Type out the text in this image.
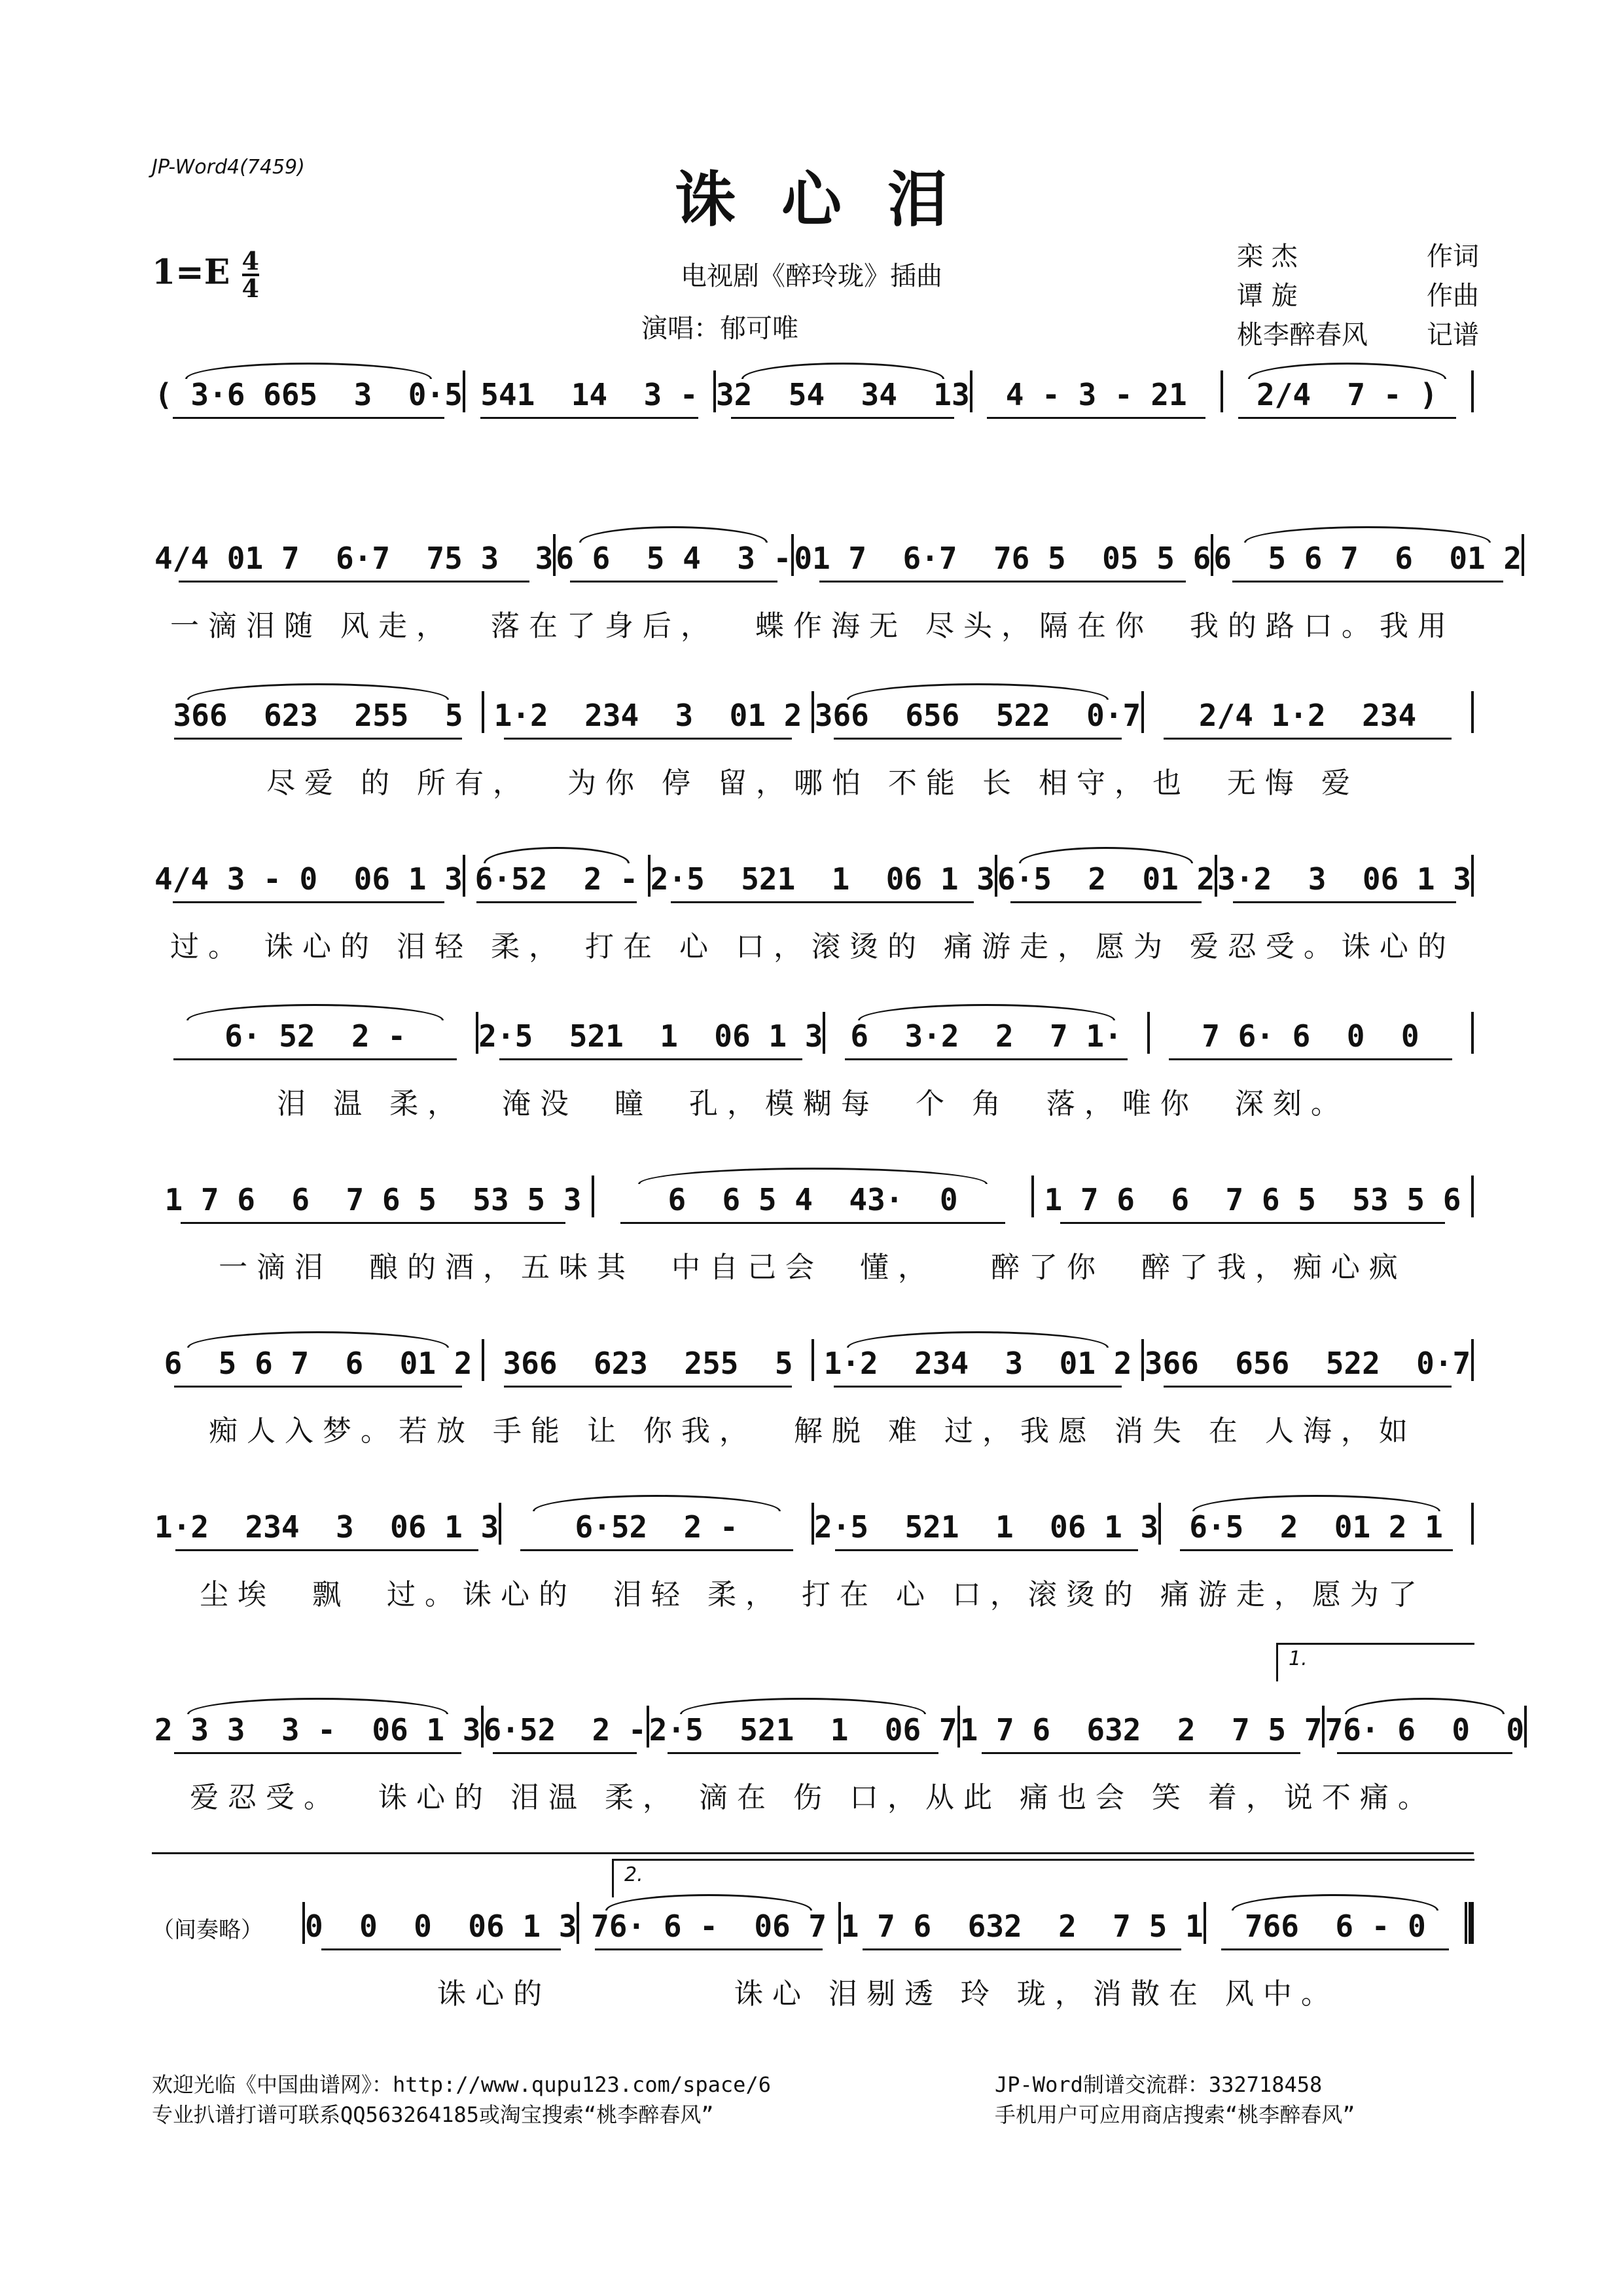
JP-Word4(7459)	诛心泪
$1=E \frac{4}{4}$	电视剧《醉玲珑》插曲
演唱：郁可唯
栾 杰	作词
谭 旋	作曲
桃李醉春风 记谱
( 3·6 665  3  0·5 541  14  3 - 32  54  34  13	4 - 3 - 21	2/4  7 - )
4/4 01 7  6·7  75 3  3 6 6  5 4  3 - 01 7  6·7  76 5  05 5 6 6  5 6 7  6  01 2
一滴泪随 风走，  落在了身后，  蝶作海无 尽头，隔在你  我的路口。我用
366  623  255  5	1·2  234  3  01 2 366  656  522  0·7	2/4 1·2  234
尽爱 的 所有，  为你 停 留，哪怕 不能 长 相守，也  无悔 爱
4/4 3 - 0  06 1 3 6·52  2 - 2·5  521  1  06 1 3 6·5  2  01 2 3·2  3  06 1 3
过。 诛心的 泪轻 柔， 打在 心 口，滚烫的 痛游走，愿为 爱忍受。诛心的
6· 52  2 -	2·5  521  1  06 1 3 6  3·2  2  7 1·	7 6· 6  0  0
泪 温 柔，  淹没  瞳  孔，模糊每  个 角  落，唯你  深刻。
1 7 6  6  7 6 5  53 5 3	6  6 5 4  43·  0	1 7 6  6  7 6 5  53 5 6
一滴泪  酿的酒，五味其  中自己会  懂，   醉了你  醉了我，痴心疯
6  5 6 7  6  01 2	366  623  255  5	1·2  234  3  01 2 366  656  522  0·7
痴人入梦。若放 手能 让 你我，  解脱 难 过，我愿 消失 在 人海，如
1·2  234  3  06 1 3	6·52  2 -	2·5  521  1  06 1 3	6·5  2  01 2 1
尘埃  飘  过。诛心的  泪轻 柔， 打在 心 口，滚烫的 痛游走，愿为了
2 3 3  3 -  06 1 3 6·52  2 - 2·5  521  1  06 7 1 7 6  632  2  7 5 7 76· 6  0  0
爱忍受。  诛心的 泪温 柔， 滴在 伤 口，从此 痛也会 笑 着，说不痛。
（间奏略）	0  0  0  06 1 3 76· 6 -  06 7 1 7 6  632  2  7 5 1	766  6 - 0
诛心的          诛心 泪剔透 玲 珑，消散在 风中。
1.
2.
欢迎光临《中国曲谱网》：http://www.qupu123.com/space/6
专业扒谱打谱可联系QQ563264185或淘宝搜索“桃李醉春风”
JP-Word制谱交流群：332718458
手机用户可应用商店搜索“桃李醉春风”
